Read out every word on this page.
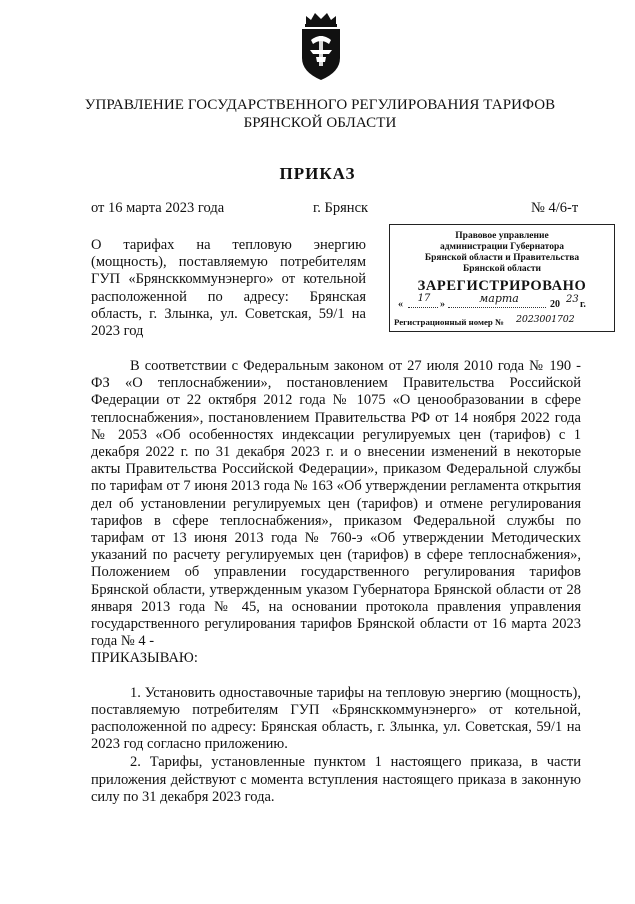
УПРАВЛЕНИЕ ГОСУДАРСТВЕННОГО РЕГУЛИРОВАНИЯ ТАРИФОВ
БРЯНСКОЙ ОБЛАСТИ
ПРИКАЗ
от 16 марта 2023 года	г. Брянск	№ 4/6-т
О тарифах на тепловую энергию (мощность), поставляемую потребителям ГУП «Брянсккоммунэнерго» от котельной расположенной по адресу: Брянская область, г. Злынка, ул. Советская, 59/1 на 2023 год
Правовое управление
администрации Губернатора
Брянской области и Правительства
Брянской области
ЗАРЕГИСТРИРОВАНО
«
17
»	марта	20 23 г.
Регистрационный номер № 2023001702

В соответствии с Федеральным законом от 27 июля 2010 года № 190 - ФЗ «О теплоснабжении», постановлением Правительства Российской Федерации от 22 октября 2012 года № 1075 «О ценообразовании в сфере теплоснабжения», постановлением Правительства РФ от 14 ноября 2022 года № 2053 «Об особенностях индексации регулируемых цен (тарифов) с 1 декабря 2022 г. по 31 декабря 2023 г. и о внесении изменений в некоторые акты Правительства Российской Федерации», приказом Федеральной службы по тарифам от 7 июня 2013 года № 163 «Об утверждении регламента открытия дел об установлении регулируемых цен (тарифов) и отмене регулирования тарифов в сфере теплоснабжения», приказом Федеральной службы по тарифам от 13 июня 2013 года № 760-э «Об утверждении Методических указаний по расчету регулируемых цен (тарифов) в сфере теплоснабжения», Положением об управлении государственного регулирования тарифов Брянской области, утвержденным указом Губернатора Брянской области от 28 января 2013 года № 45, на основании протокола правления управления государственного регулирования тарифов Брянской области от 16 марта 2023 года № 4 -

ПРИКАЗЫВАЮ:

1. Установить одноставочные тарифы на тепловую энергию (мощность), поставляемую потребителям ГУП «Брянсккоммунэнерго» от котельной, расположенной по адресу: Брянская область, г. Злынка, ул. Советская, 59/1 на 2023 год согласно приложению.

2. Тарифы, установленные пунктом 1 настоящего приказа, в части приложения действуют с момента вступления настоящего приказа в законную силу по 31 декабря 2023 года.
